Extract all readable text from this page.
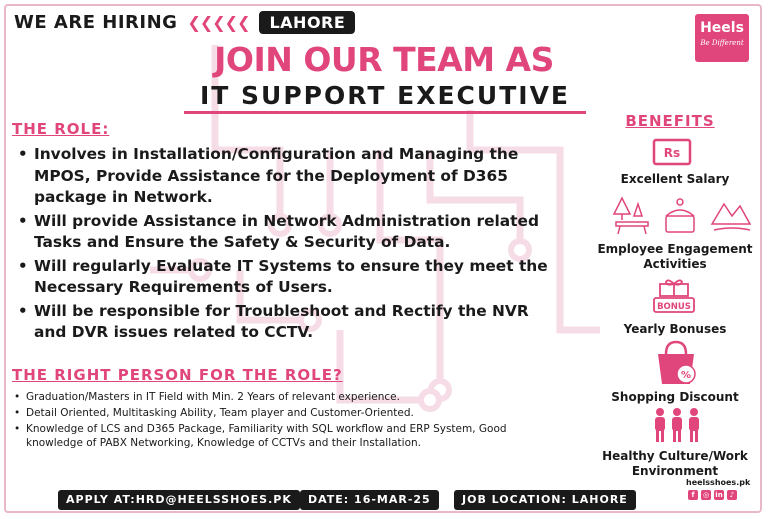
WE ARE HIRING ❮❮❮❮❮	LAHORE	Heels
Be Different
JOIN OUR TEAM AS
IT SUPPORT EXECUTIVE
THE ROLE:
• Involves in Installation/Configuration and Managing the MPOS, Provide Assistance for the Deployment of D365 package in Network.
• Will provide Assistance in Network Administration related Tasks and Ensure the Safety & Security of Data.
• Will regularly Evaluate IT Systems to ensure they meet the Necessary Requirements of Users.
• Will be responsible for Troubleshoot and Rectify the NVR and DVR issues related to CCTV.
THE RIGHT PERSON FOR THE ROLE?
• Graduation/Masters in IT Field with Min. 2 Years of relevant experience.
• Detail Oriented, Multitasking Ability, Team player and Customer-Oriented.
• Knowledge of LCS and D365 Package, Familiarity with SQL workflow and ERP System, Good knowledge of PABX Networking, Knowledge of CCTVs and their Installation.
APPLY AT:HRD@HEELSSHOES.PK	DATE: 16-MAR-25	JOB LOCATION: LAHORE
BENEFITS
Rs
Excellent Salary
Employee Engagement Activities
BONUS
Yearly Bonuses
%
Shopping Discount
Healthy Culture/Work Environment
heelsshoes.pk
f	◎ in	♪
